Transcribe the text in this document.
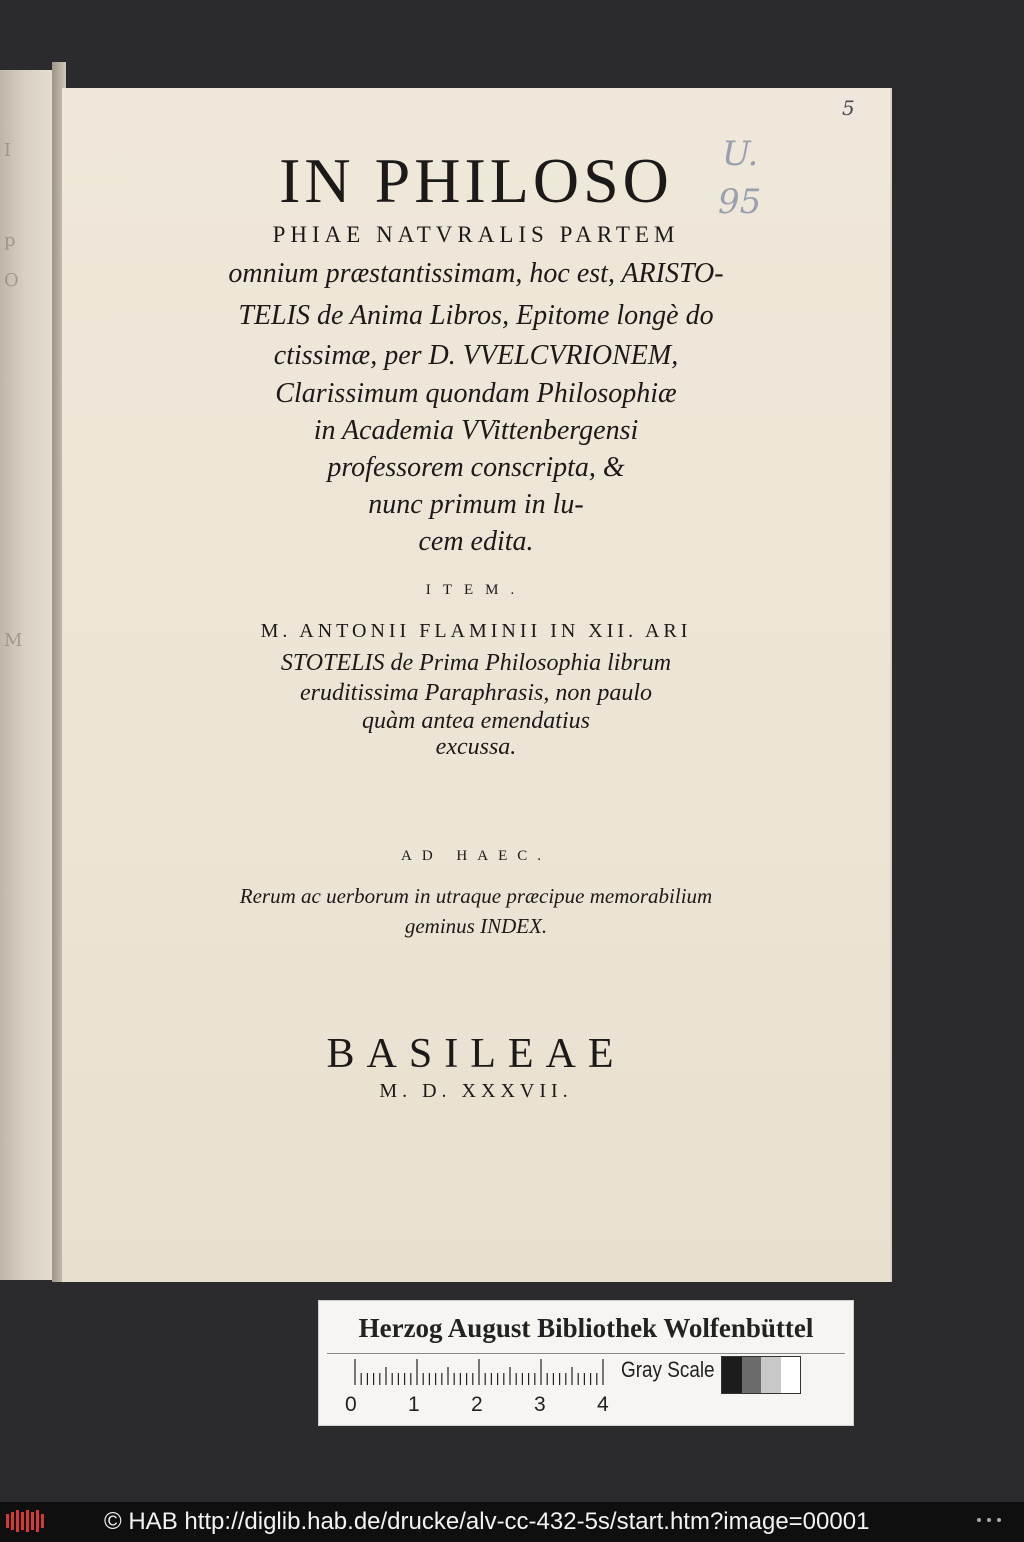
I
p
O
M

5
U.
95
IN PHILOSO
PHIAE NATVRALIS PARTEM
omnium præstantissimam, hoc est, ARISTO-
TELIS de Anima Libros, Epitome longè do
ctissimæ, per D. VVELCVRIONEM,
Clarissimum quondam Philosophiæ
in Academia VVittenbergensi
professorem conscripta, &
nunc primum in lu-
cem edita.
ITEM.
M. ANTONII FLAMINII IN XII. ARI
STOTELIS de Prima Philosophia librum
eruditissima Paraphrasis, non paulo
quàm antea emendatius
excussa.
AD HAEC.
Rerum ac uerborum in utraque præcipue memorabilium
geminus INDEX.
BASILEAE
M. D. XXXVII.
Herzog August Bibliothek Wolfenbüttel
0 1 2 3 4
Gray Scale
© HAB http://diglib.hab.de/drucke/alv-cc-432-5s/start.htm?image=00001
